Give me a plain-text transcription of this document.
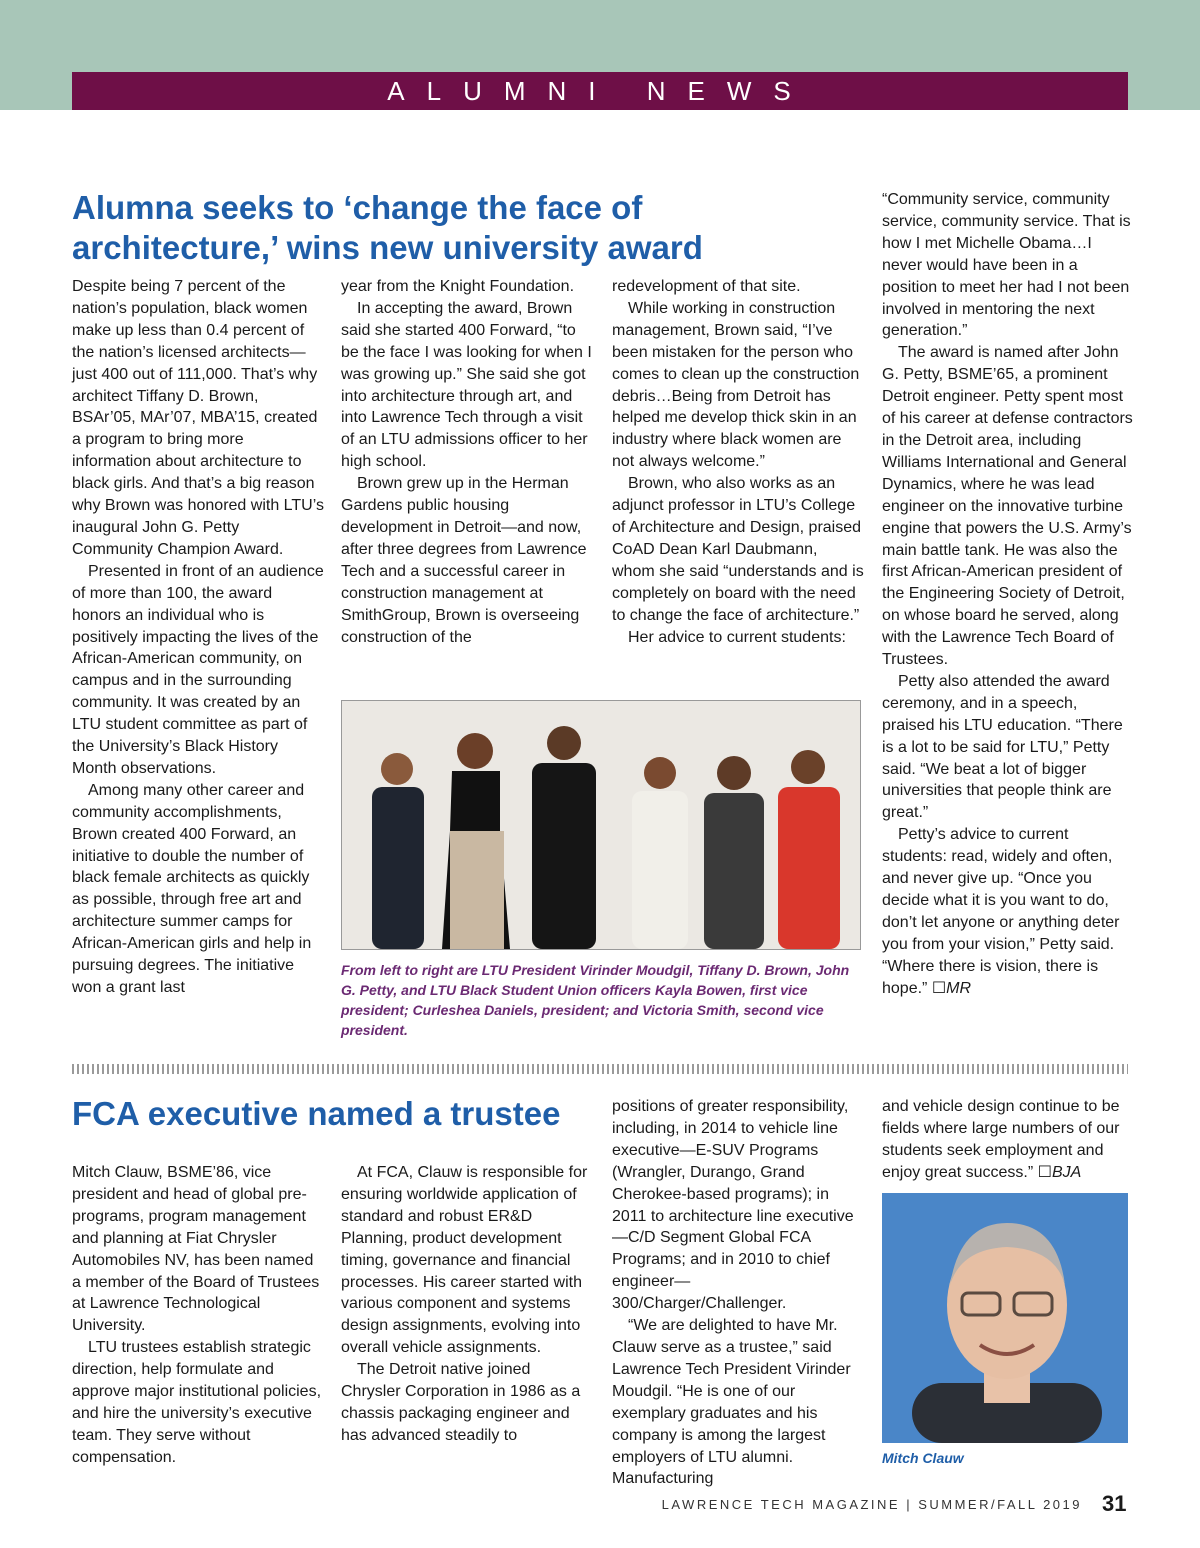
ALUMNI NEWS
Alumna seeks to ‘change the face of
architecture,’ wins new university award

Despite being 7 percent of the nation’s population, black women make up less than 0.4 percent of the nation’s licensed architects—just 400 out of 111,000. That’s why architect Tiffany D. Brown, BSAr’05, MAr’07, MBA’15, created a program to bring more information about architecture to black girls. And that’s a big reason why Brown was honored with LTU’s inaugural John G. Petty Community Champion Award.

Presented in front of an audience of more than 100, the award honors an individual who is positively impacting the lives of the African-American community, on campus and in the surrounding community. It was created by an LTU student committee as part of the University’s Black History Month observations.

Among many other career and community accomplishments, Brown created 400 Forward, an initiative to double the number of black female architects as quickly as possible, through free art and architecture summer camps for African-American girls and help in pursuing degrees. The initiative won a grant last

year from the Knight Foundation.

In accepting the award, Brown said she started 400 Forward, “to be the face I was looking for when I was growing up.” She said she got into architecture through art, and into Lawrence Tech through a visit of an LTU admissions officer to her high school.

Brown grew up in the Herman Gardens public housing development in Detroit—and now, after three degrees from Lawrence Tech and a successful career in construction management at SmithGroup, Brown is overseeing construction of the

redevelopment of that site.

While working in construction management, Brown said, “I’ve been mistaken for the person who comes to clean up the construction debris…Being from Detroit has helped me develop thick skin in an industry where black women are not always welcome.”

Brown, who also works as an adjunct professor in LTU’s College of Architecture and Design, praised CoAD Dean Karl Daubmann, whom she said “understands and is completely on board with the need to change the face of architecture.”

Her advice to current students:

“Community service, community service, community service. That is how I met Michelle Obama…I never would have been in a position to meet her had I not been involved in mentoring the next generation.”

The award is named after John G. Petty, BSME’65, a prominent Detroit engineer. Petty spent most of his career at defense contractors in the Detroit area, including Williams International and General Dynamics, where he was lead engineer on the innovative turbine engine that powers the U.S. Army’s main battle tank. He was also the first African-American president of the Engineering Society of Detroit, on whose board he served, along with the Lawrence Tech Board of Trustees.

Petty also attended the award ceremony, and in a speech, praised his LTU education. “There is a lot to be said for LTU,” Petty said. “We beat a lot of bigger universities that people think are great.”

Petty’s advice to current students: read, widely and often, and never give up. “Once you decide what it is you want to do, don’t let anyone or anything deter you from your vision,” Petty said. “Where there is vision, there is hope.” ☐MR

From left to right are LTU President Virinder Moudgil, Tiffany D. Brown, John G. Petty, and LTU Black Student Union officers Kayla Bowen, first vice president; Curleshea Daniels, president; and Victoria Smith, second vice president.
FCA executive named a trustee

Mitch Clauw, BSME’86, vice president and head of global pre-programs, program management and planning at Fiat Chrysler Automobiles NV, has been named a member of the Board of Trustees at Lawrence Technological University.

LTU trustees establish strategic direction, help formulate and approve major institutional policies, and hire the university’s executive team. They serve without compensation.

At FCA, Clauw is responsible for ensuring worldwide application of standard and robust ER&D Planning, product development timing, governance and financial processes. His career started with various component and systems design assignments, evolving into overall vehicle assignments.

The Detroit native joined Chrysler Corporation in 1986 as a chassis packaging engineer and has advanced steadily to

positions of greater responsibility, including, in 2014 to vehicle line executive—E-SUV Programs (Wrangler, Durango, Grand Cherokee-based programs); in 2011 to architecture line executive—C/D Segment Global FCA Programs; and in 2010 to chief engineer—300/Charger/Challenger.

“We are delighted to have Mr. Clauw serve as a trustee,” said Lawrence Tech President Virinder Moudgil. “He is one of our exemplary graduates and his company is among the largest employers of LTU alumni. Manufacturing

and vehicle design continue to be fields where large numbers of our students seek employment and enjoy great success.” ☐BJA

Mitch Clauw
LAWRENCE TECH MAGAZINE | SUMMER/FALL 2019 31
